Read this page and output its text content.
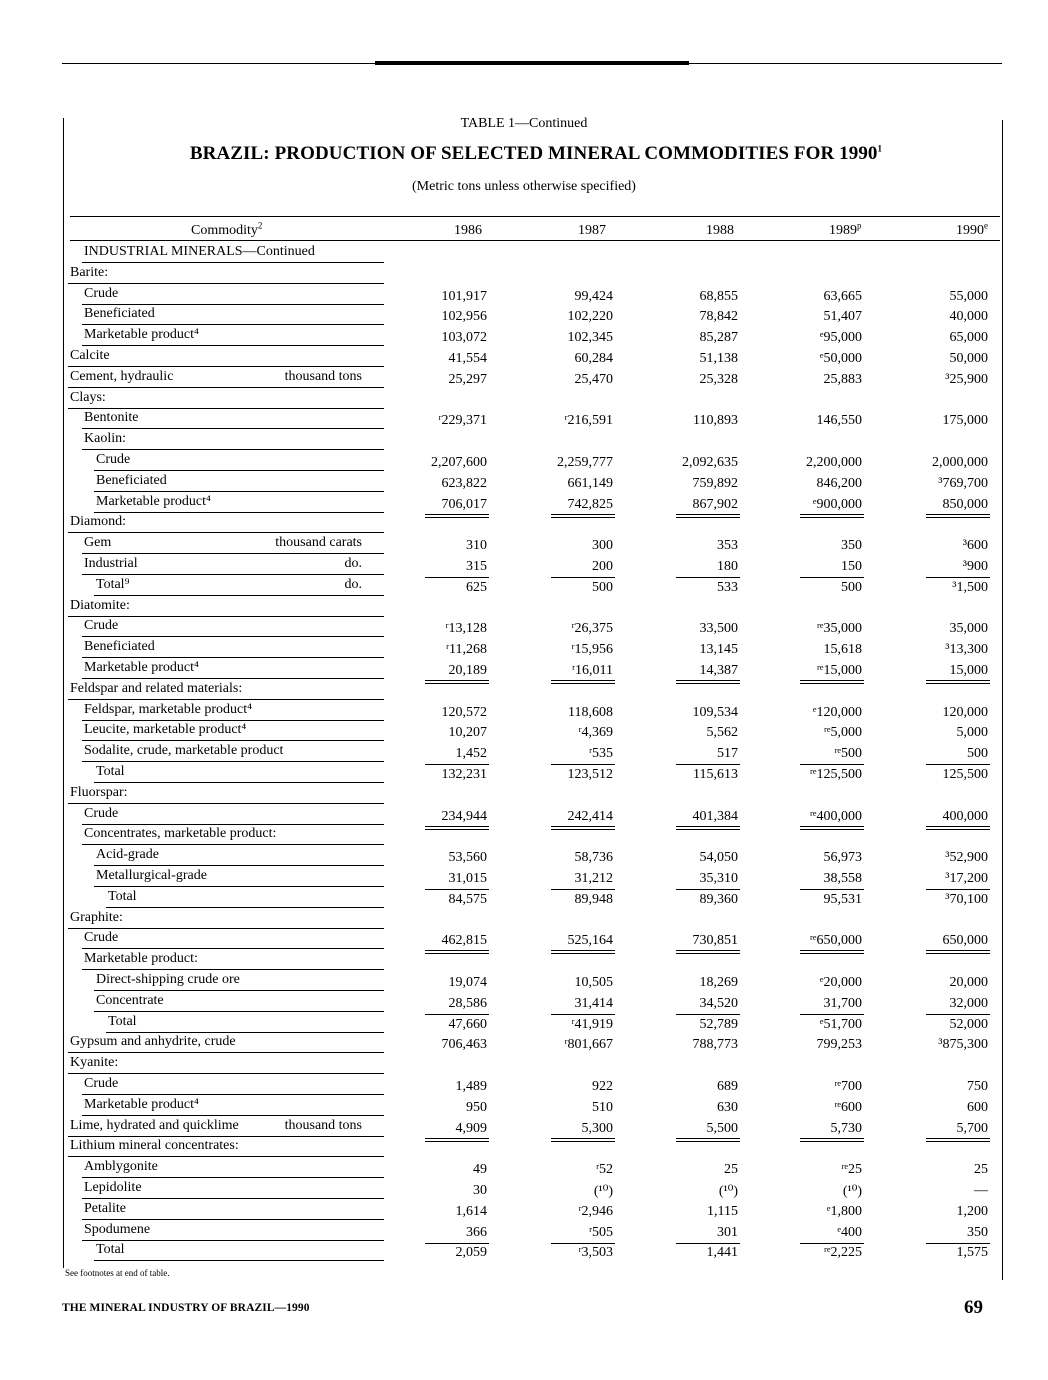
TABLE 1—Continued
BRAZIL: PRODUCTION OF SELECTED MINERAL COMMODITIES FOR 1990$^1$
(Metric tons unless otherwise specified)
Commodity$^2$	1986	1987	1988	1989$^p$	1990e
INDUSTRIAL MINERALS—Continued
Barite:
Crude	101,917	99,424	68,855	63,665	55,000
Beneficiated	102,956	102,220	78,842	51,407	40,000
Marketable product⁴	103,072	102,345	85,287	ᵉ95,000	65,000
Calcite	41,554	60,284	51,138	ᵉ50,000	50,000
Cement, hydraulic	thousand tons	25,297	25,470	25,328	25,883	³25,900
Clays:
Bentonite	ʳ229,371	ʳ216,591	110,893	146,550	175,000
Kaolin:
Crude	2,207,600	2,259,777	2,092,635	2,200,000	2,000,000
Beneficiated	623,822	661,149	759,892	846,200	³769,700
Marketable product⁴	706,017	742,825	867,902	ᵉ900,000	850,000
Diamond:
Gem	thousand carats	310	300	353	350	³600
Industrial	do.	315	200	180	150	³900
Total⁹	do.	625	500	533	500	³1,500
Diatomite:
Crude	ʳ13,128	ʳ26,375	33,500	ʳᵉ35,000	35,000
Beneficiated	ʳ11,268	ʳ15,956	13,145	15,618	³13,300
Marketable product⁴	20,189	ʳ16,011	14,387	ʳᵉ15,000	15,000
Feldspar and related materials:
Feldspar, marketable product⁴	120,572	118,608	109,534	ᵉ120,000	120,000
Leucite, marketable product⁴	10,207	ʳ4,369	5,562	ʳᵉ5,000	5,000
Sodalite, crude, marketable product	1,452	ʳ535	517	ʳᵉ500	500
Total	132,231	123,512	115,613	ʳᵉ125,500	125,500
Fluorspar:
Crude	234,944	242,414	401,384	ʳᵉ400,000	400,000
Concentrates, marketable product:
Acid-grade	53,560	58,736	54,050	56,973	³52,900
Metallurgical-grade	31,015	31,212	35,310	38,558	³17,200
Total	84,575	89,948	89,360	95,531	³70,100
Graphite:
Crude	462,815	525,164	730,851	ʳᵉ650,000	650,000
Marketable product:
Direct-shipping crude ore	19,074	10,505	18,269	ᵉ20,000	20,000
Concentrate	28,586	31,414	34,520	31,700	32,000
Total	47,660	ʳ41,919	52,789	ᵉ51,700	52,000
Gypsum and anhydrite, crude	706,463	ʳ801,667	788,773	799,253	³875,300
Kyanite:
Crude	1,489	922	689	ʳᵉ700	750
Marketable product⁴	950	510	630	ʳᵉ600	600
Lime, hydrated and quicklime	thousand tons	4,909	5,300	5,500	5,730	5,700
Lithium mineral concentrates:
Amblygonite	49	ʳ52	25	ʳᵉ25	25
Lepidolite	30	(¹⁰)	(¹⁰)	(¹⁰)	—
Petalite	1,614	ʳ2,946	1,115	ᵉ1,800	1,200
Spodumene	366	ʳ505	301	ᵉ400	350
Total	2,059	ʳ3,503	1,441	ʳᵉ2,225	1,575
See footnotes at end of table.
THE MINERAL INDUSTRY OF BRAZIL—1990	69
